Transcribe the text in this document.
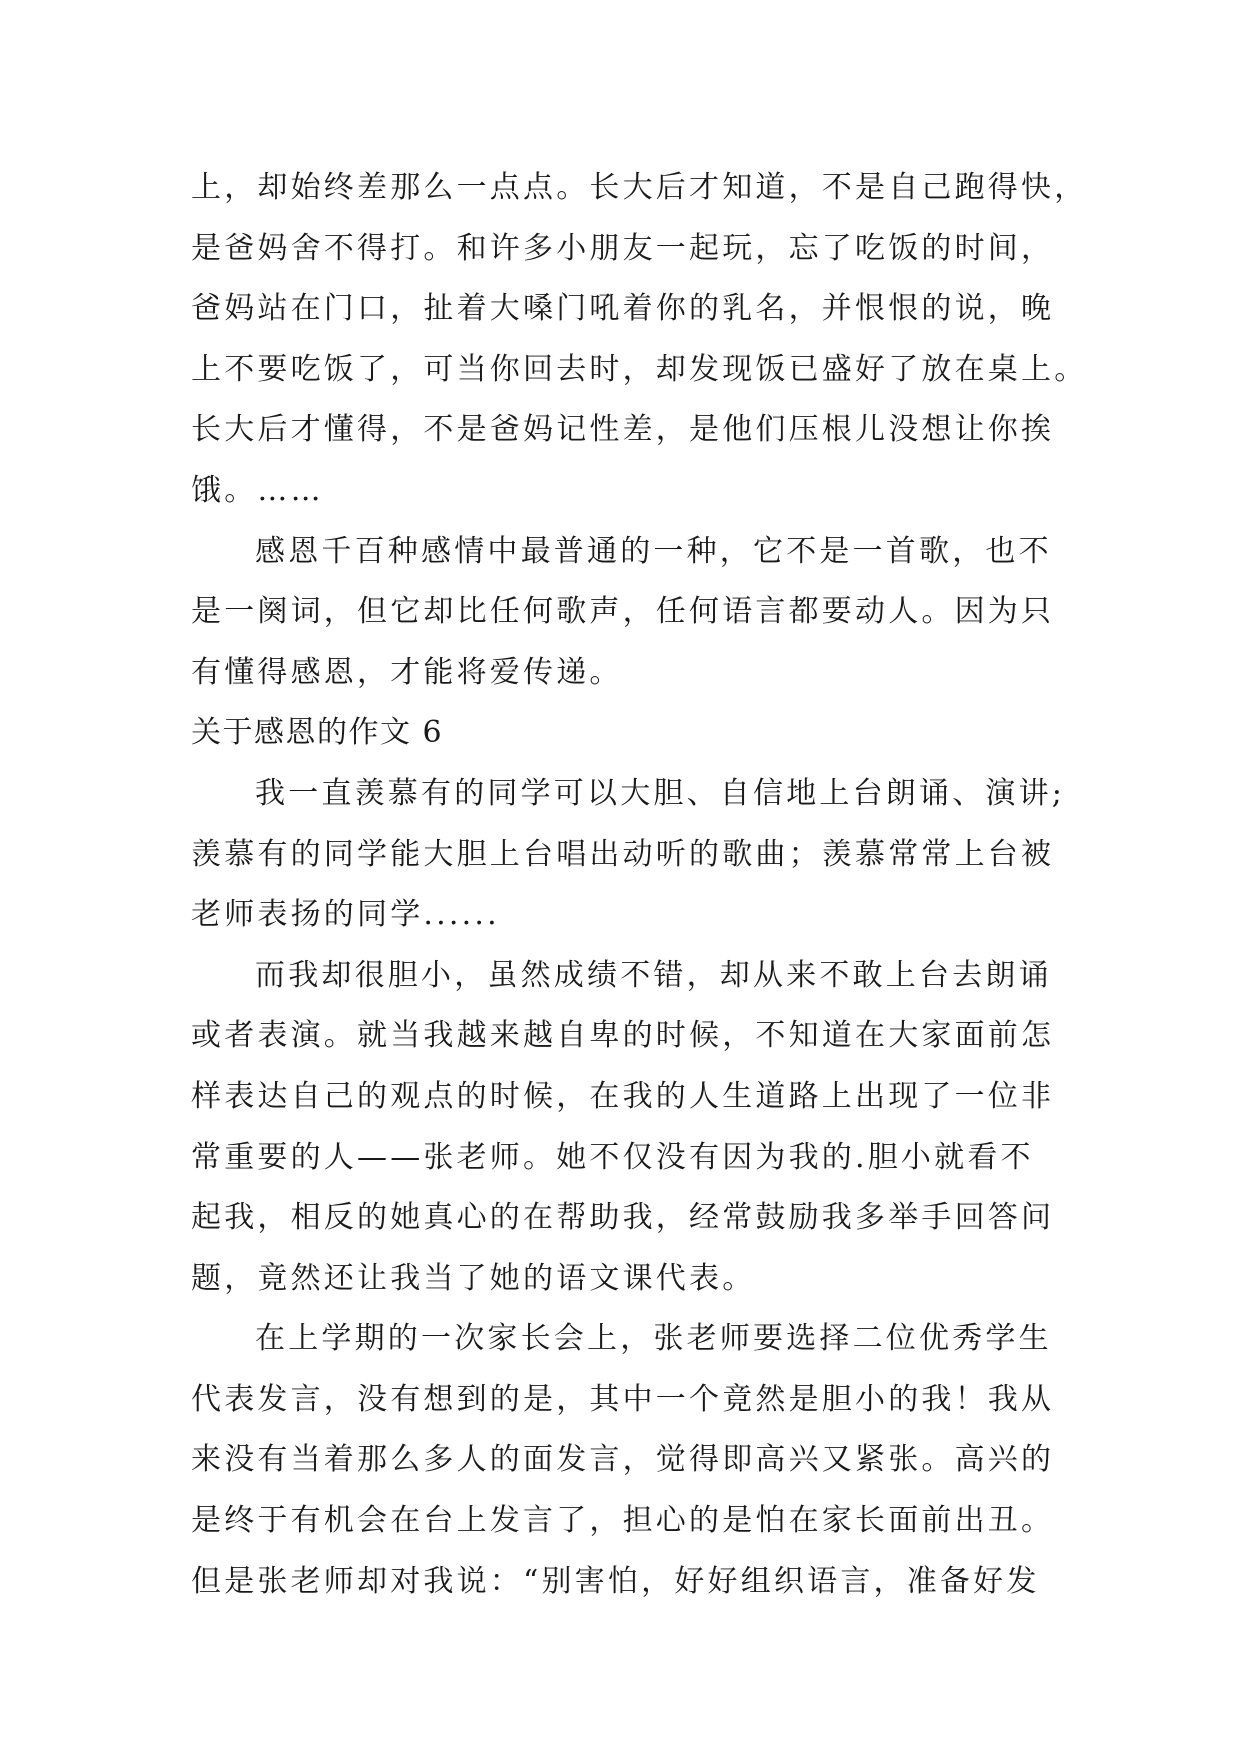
上，却始终差那么一点点。长大后才知道，不是自己跑得快，
是爸妈舍不得打。和许多小朋友一起玩，忘了吃饭的时间，
爸妈站在门口，扯着大嗓门吼着你的乳名，并恨恨的说，晚
上不要吃饭了，可当你回去时，却发现饭已盛好了放在桌上。
长大后才懂得，不是爸妈记性差，是他们压根儿没想让你挨
饿。……
感恩千百种感情中最普通的一种，它不是一首歌，也不
是一阕词，但它却比任何歌声，任何语言都要动人。因为只
有懂得感恩，才能将爱传递。
关于感恩的作文 6
我一直羡慕有的同学可以大胆、自信地上台朗诵、演讲;
羡慕有的同学能大胆上台唱出动听的歌曲；羡慕常常上台被
老师表扬的同学......
而我却很胆小，虽然成绩不错，却从来不敢上台去朗诵
或者表演。就当我越来越自卑的时候，不知道在大家面前怎
样表达自己的观点的时候，在我的人生道路上出现了一位非
常重要的人——张老师。她不仅没有因为我的.胆小就看不
起我，相反的她真心的在帮助我，经常鼓励我多举手回答问
题，竟然还让我当了她的语文课代表。
在上学期的一次家长会上，张老师要选择二位优秀学生
代表发言，没有想到的是，其中一个竟然是胆小的我！我从
来没有当着那么多人的面发言，觉得即高兴又紧张。高兴的
是终于有机会在台上发言了，担心的是怕在家长面前出丑。
但是张老师却对我说：“别害怕，好好组织语言，准备好发
